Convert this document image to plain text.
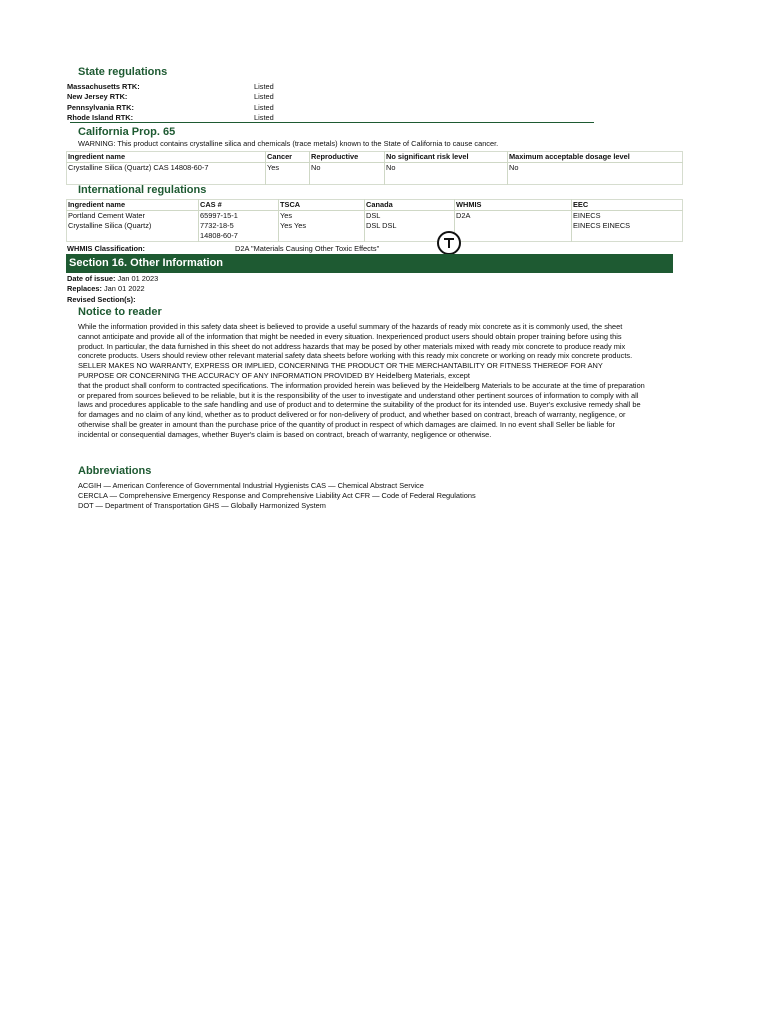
State regulations
Massachusetts RTK:	Listed
New Jersey RTK:	Listed
Pennsylvania RTK:	Listed
Rhode Island RTK:	Listed
California Prop. 65
WARNING: This product contains crystalline silica and chemicals (trace metals) known to the State of California to cause cancer.
Ingredient name	Cancer	Reproductive	No significant risk level	Maximum acceptable dosage level
Crystalline Silica (Quartz) CAS 14808-60-7	Yes	No	No	No
International regulations
Ingredient name	CAS #	TSCA	Canada	WHMIS	EEC
Portland Cement Water	65997-15-1	Yes	DSL	D2A	EINECS
Crystalline Silica (Quartz)	7732-18-5	Yes Yes	DSL DSL		EINECS EINECS
	14808-60-7				
WHMIS Classification:	D2A "Materials Causing Other Toxic Effects"
Section 16. Other Information
Date of issue: Jan 01 2023
Replaces: Jan 01 2022
Revised Section(s):
Notice to reader

While the information provided in this safety data sheet is believed to provide a useful summary of the hazards of ready mix concrete as it is commonly used, the sheet

cannot anticipate and provide all of the information that might be needed in every situation. Inexperienced product users should obtain proper training before using this

product. In particular, the data furnished in this sheet do not address hazards that may be posed by other materials mixed with ready mix concrete to produce ready mix

concrete products. Users should review other relevant material safety data sheets before working with this ready mix concrete or working on ready mix concrete products.

SELLER MAKES NO WARRANTY, EXPRESS OR IMPLIED, CONCERNING THE PRODUCT OR THE MERCHANTABILITY OR FITNESS THEREOF FOR ANY

PURPOSE OR CONCERNING THE ACCURACY OF ANY INFORMATION PROVIDED BY Heidelberg Materials, except

that the product shall conform to contracted specifications. The information provided herein was believed by the Heidelberg Materials to be accurate at the time of preparation

or prepared from sources believed to be reliable, but it is the responsibility of the user to investigate and understand other pertinent sources of information to comply with all

laws and procedures applicable to the safe handling and use of product and to determine the suitability of the product for its intended use. Buyer's exclusive remedy shall be

for damages and no claim of any kind, whether as to product delivered or for non-delivery of product, and whether based on contract, breach of warranty, negligence, or

otherwise shall be greater in amount than the purchase price of the quantity of product in respect of which damages are claimed. In no event shall Seller be liable for

incidental or consequential damages, whether Buyer's claim is based on contract, breach of warranty, negligence or otherwise.

Abbreviations
ACGIH — American Conference of Governmental Industrial Hygienists CAS — Chemical Abstract Service
CERCLA — Comprehensive Emergency Response and Comprehensive Liability Act CFR — Code of Federal Regulations
DOT — Department of Transportation GHS — Globally Harmonized System
